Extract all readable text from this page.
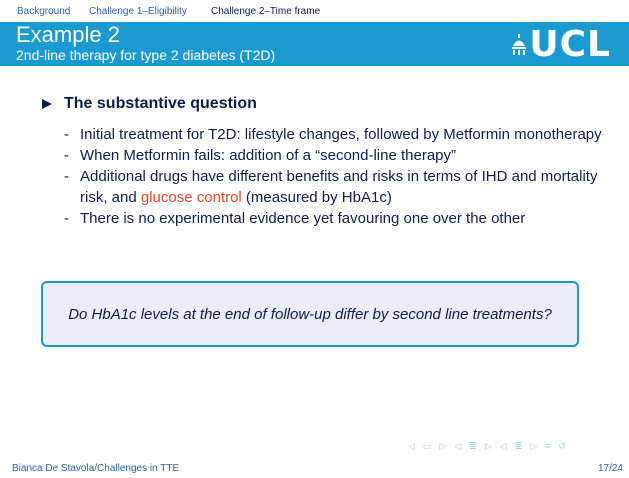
Background Challenge 1–Eligibility Challenge 2–Time frame
Example 2
2nd-line therapy for type 2 diabetes (T2D)	UCL
The substantive question
- Initial treatment for T2D: lifestyle changes, followed by Metformin monotherapy
- When Metformin fails: addition of a “second-line therapy”
- Additional drugs have different benefits and risks in terms of IHD and mortality risk, and glucose control (measured by HbA1c)
- There is no experimental evidence yet favouring one over the other
Do HbA1c levels at the end of follow-up differ by second line treatments?
◁ ▭ ▷ ◁ ≣ ▷ ◁ ≣ ▷ ≡ ↺
Bianca De Stavola/Challenges in TTE	17/24
